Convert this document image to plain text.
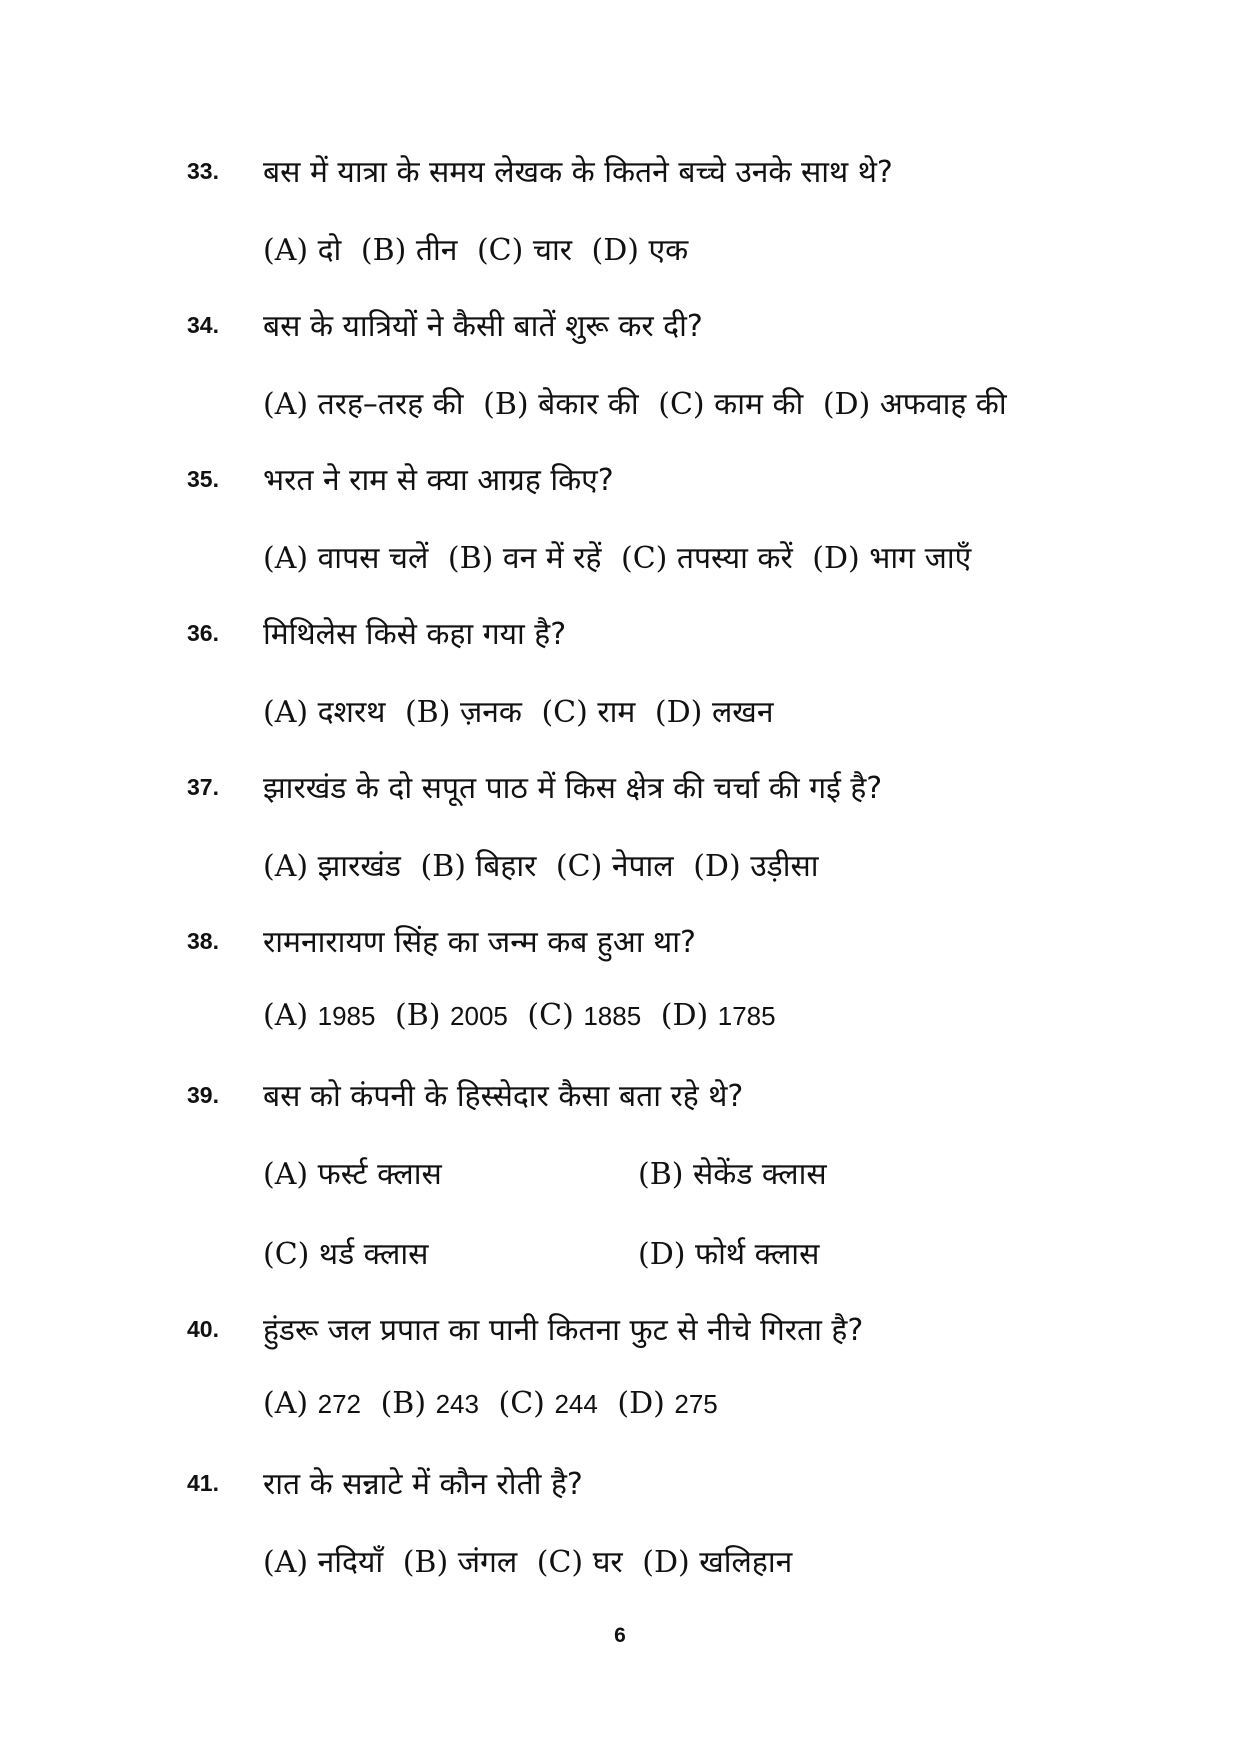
33. बस में यात्रा के समय लेखक के कितने बच्चे उनके साथ थे?
(A) दो (B) तीन (C) चार (D) एक
34. बस के यात्रियों ने कैसी बातें शुरू कर दी?
(A) तरह–तरह की (B) बेकार की (C) काम की (D) अफवाह की
35. भरत ने राम से क्या आग्रह किए?
(A) वापस चलें (B) वन में रहें (C) तपस्या करें (D) भाग जाएँ
36. मिथिलेस किसे कहा गया है?
(A) दशरथ (B) ज़नक (C) राम (D) लखन
37. झारखंड के दो सपूत पाठ में किस क्षेत्र की चर्चा की गई है?
(A) झारखंड (B) बिहार (C) नेपाल (D) उड़ीसा
38. रामनारायण सिंह का जन्म कब हुआ था?
(A) 1985 (B) 2005 (C) 1885 (D) 1785
39. बस को कंपनी के हिस्सेदार कैसा बता रहे थे?
(A) फर्स्ट क्लास	(B) सेकेंड क्लास
(C) थर्ड क्लास	(D) फोर्थ क्लास
40. हुंडरू जल प्रपात का पानी कितना फुट से नीचे गिरता है?
(A) 272 (B) 243 (C) 244 (D) 275
41. रात के सन्नाटे में कौन रोती है?
(A) नदियाँ (B) जंगल (C) घर (D) खलिहान
6
